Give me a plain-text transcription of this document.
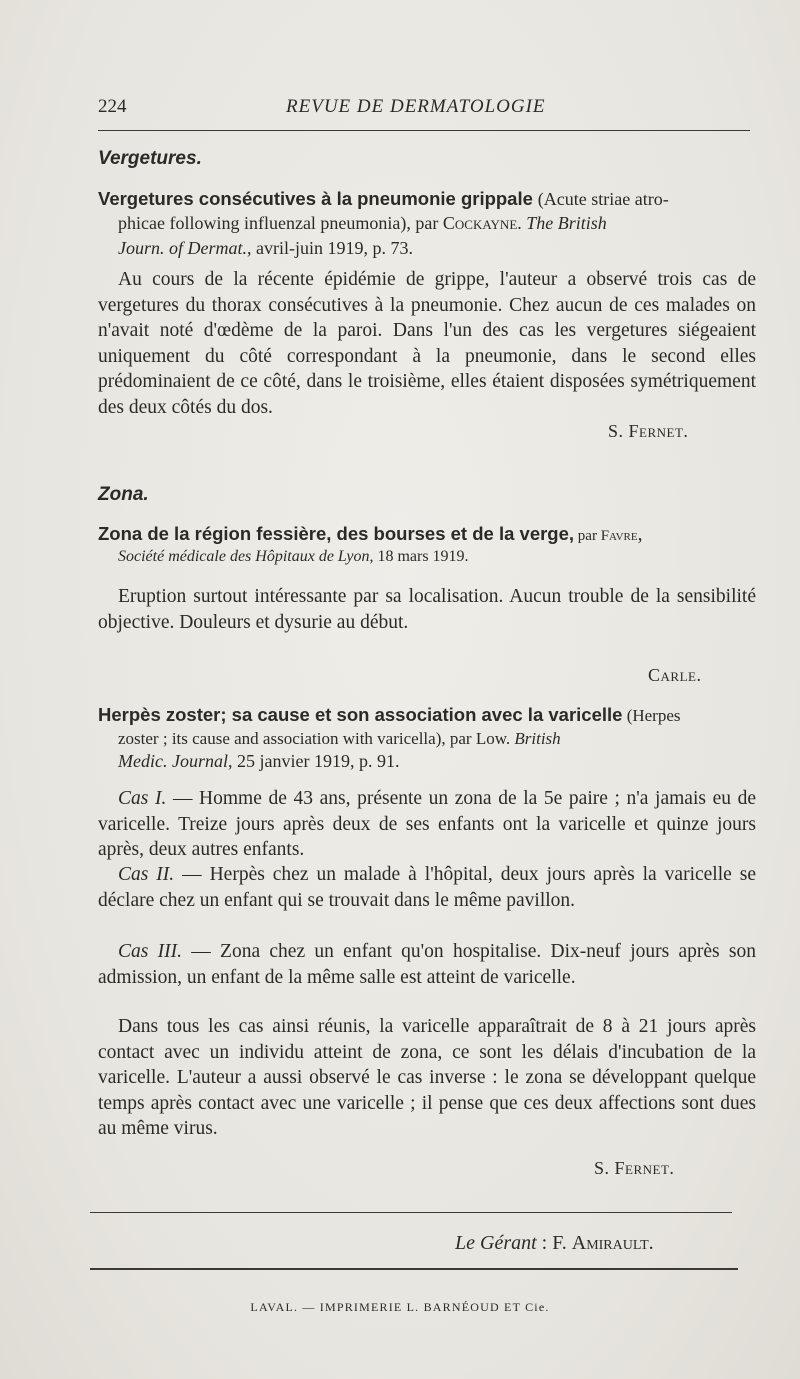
224	REVUE DE DERMATOLOGIE
Vergetures.
Vergetures consécutives à la pneumonie grippale (Acute striae atro-
phicae following influenzal pneumonia), par Cockayne. The British
Journ. of Dermat., avril-juin 1919, p. 73.
Au cours de la récente épidémie de grippe, l'auteur a observé trois cas de vergetures du thorax consécutives à la pneumonie. Chez aucun de ces malades on n'avait noté d'œdème de la paroi. Dans l'un des cas les vergetures siégeaient uniquement du côté correspondant à la pneumonie, dans le second elles prédominaient de ce côté, dans le troisième, elles étaient disposées symétriquement des deux côtés du dos.
S. Fernet.
Zona.
Zona de la région fessière, des bourses et de la verge, par Favre,
Société médicale des Hôpitaux de Lyon, 18 mars 1919.
Eruption surtout intéressante par sa localisation. Aucun trouble de la sensibilité objective. Douleurs et dysurie au début.
Carle.
Herpès zoster; sa cause et son association avec la varicelle (Herpes
zoster ; its cause and association with varicella), par Low. British
Medic. Journal, 25 janvier 1919, p. 91.
Cas I. — Homme de 43 ans, présente un zona de la 5e paire ; n'a jamais eu de varicelle. Treize jours après deux de ses enfants ont la varicelle et quinze jours après, deux autres enfants.
Cas II. — Herpès chez un malade à l'hôpital, deux jours après la varicelle se déclare chez un enfant qui se trouvait dans le même pavillon.
Cas III. — Zona chez un enfant qu'on hospitalise. Dix-neuf jours après son admission, un enfant de la même salle est atteint de varicelle.
Dans tous les cas ainsi réunis, la varicelle apparaîtrait de 8 à 21 jours après contact avec un individu atteint de zona, ce sont les délais d'incubation de la varicelle. L'auteur a aussi observé le cas inverse : le zona se développant quelque temps après contact avec une varicelle ; il pense que ces deux affections sont dues au même virus.
S. Fernet.
Le Gérant : F. Amirault.
LAVAL. — IMPRIMERIE L. BARNÉOUD ET Cie.
